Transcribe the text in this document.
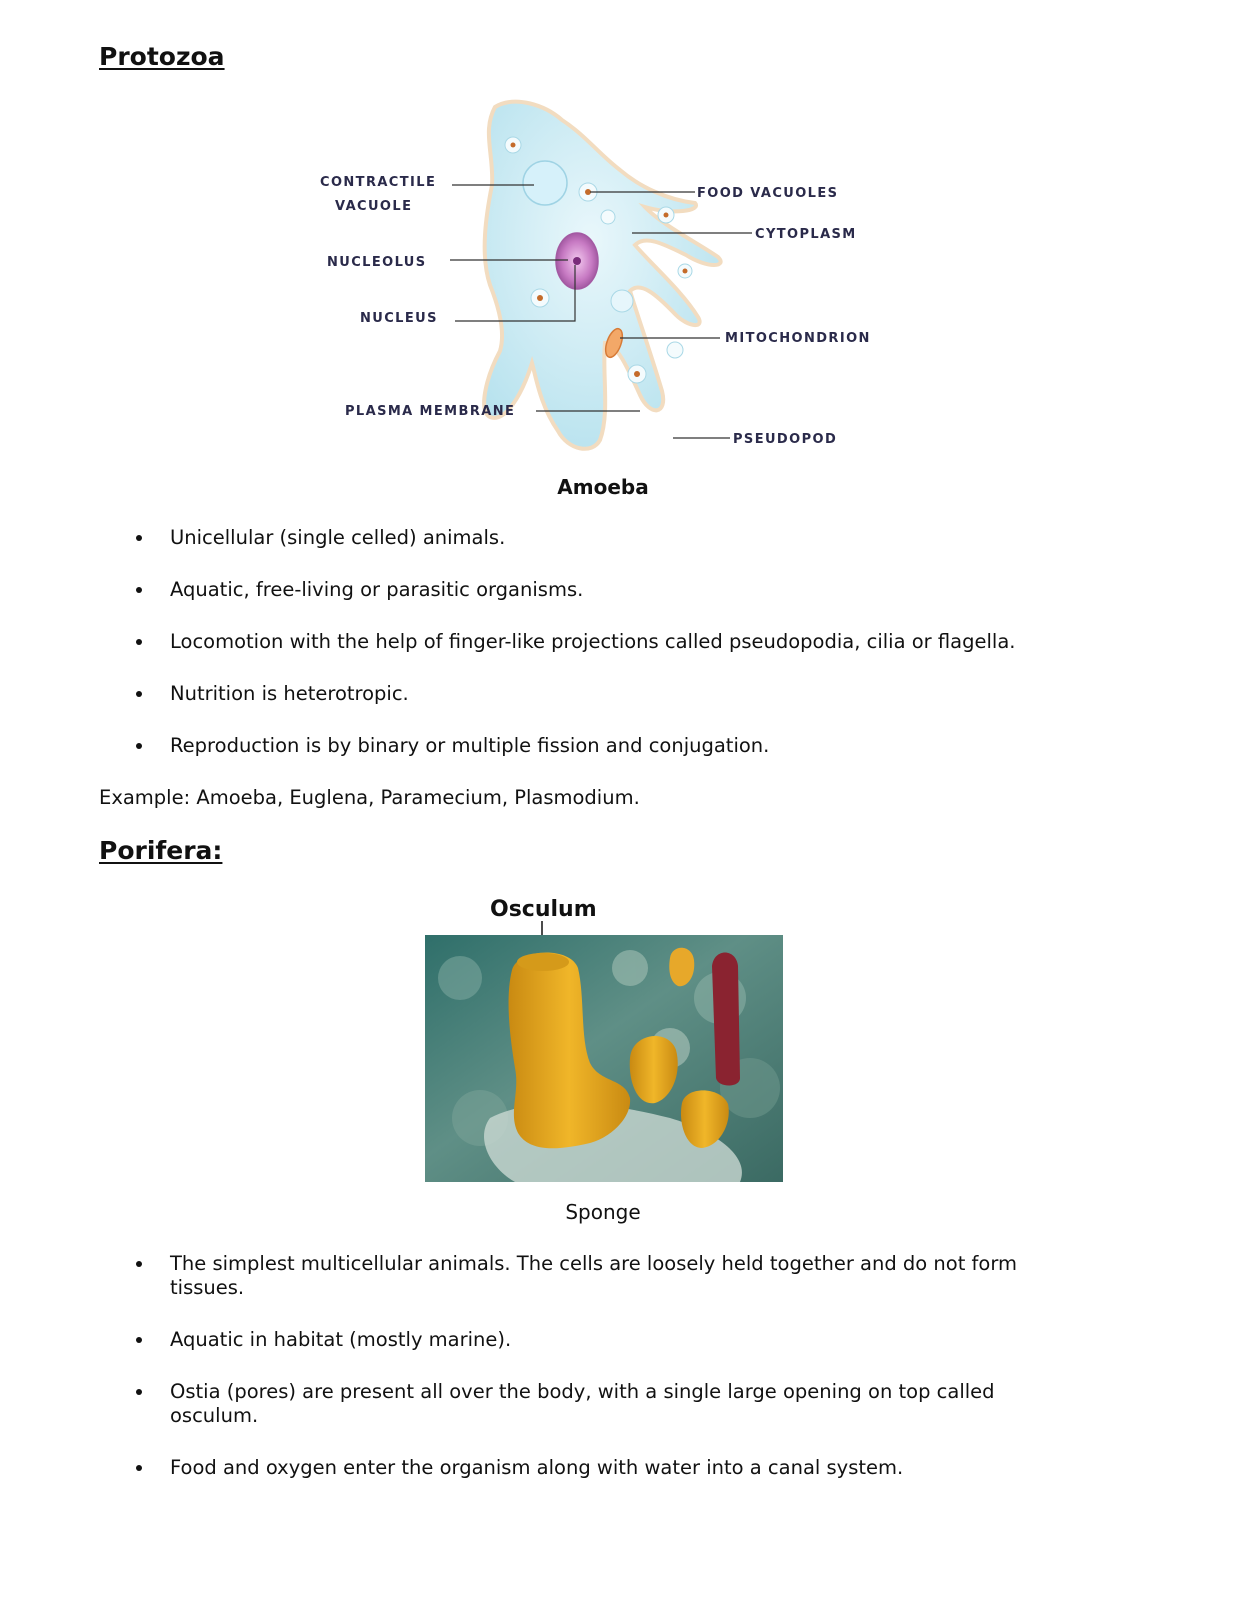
Protozoa
CONTRACTILE
VACUOLE
NUCLEOLUS
NUCLEUS
PLASMA MEMBRANE
FOOD VACUOLES
CYTOPLASM
MITOCHONDRION
PSEUDOPOD
Amoeba
Unicellular (single celled) animals.
Aquatic, free-living or parasitic organisms.
Locomotion with the help of finger-like projections called pseudopodia, cilia or flagella.
Nutrition is heterotropic.
Reproduction is by binary or multiple fission and conjugation.
Example: Amoeba, Euglena, Paramecium, Plasmodium.
Porifera:
Osculum
Sponge
The simplest multicellular animals. The cells are loosely held together and do not form tissues.
Aquatic in habitat (mostly marine).
Ostia (pores) are present all over the body, with a single large opening on top called osculum.
Food and oxygen enter the organism along with water into a canal system.
